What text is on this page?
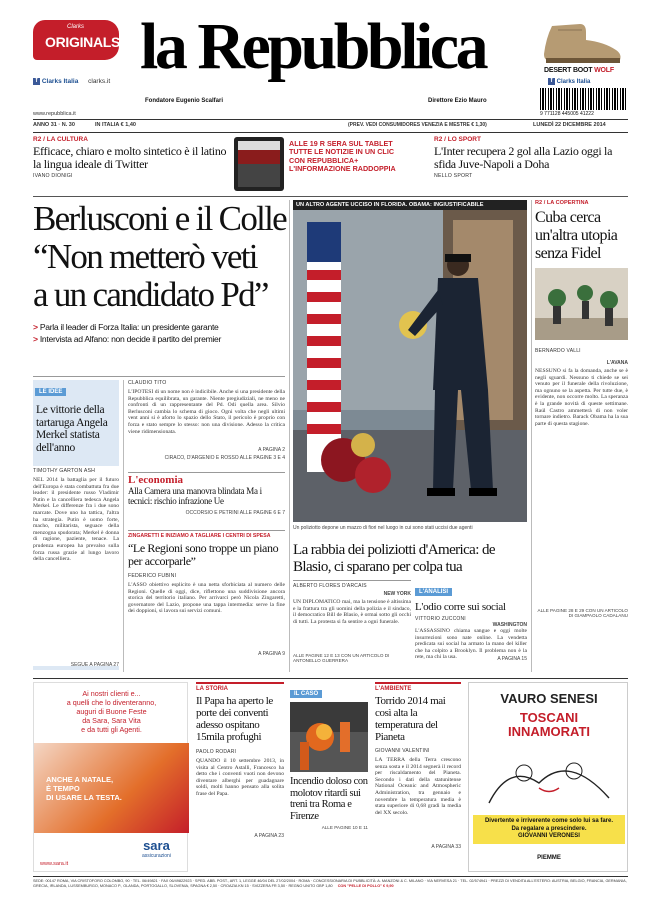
Clarks
ORIGINALS
f Clarks Italia clarks.it la Repubblica
Fondatore Eugenio Scalfari	Direttore Ezio Mauro
DESERT BOOT WOLF
f Clarks Italia
9 771128 445005 41222
ANNO 31 · N. 30	IN ITALIA € 1,40
www.repubblica.it
(PREV. VEDI CONSUMIDORES VENEZIA E MESTRE € 1,30)	LUNEDÌ 22 DICEMBRE 2014
R2 / LA CULTURA
Efficace, chiaro e molto sintetico è il latino la lingua ideale di Twitter
IVANO DIONIGI
ALLE 19 R SERA SUL TABLET
TUTTE LE NOTIZIE IN UN CLIC
CON REPUBBLICA+
L'INFORMAZIONE RADDOPPIA
R2 / LO SPORT
L'Inter recupera 2 gol alla Lazio oggi la sfida Juve-Napoli a Doha
NELLO SPORT
Berlusconi e il Colle
“Non metterò veti
a un candidato Pd”
> Parla il leader di Forza Italia: un presidente garante
> Intervista ad Alfano: non decide il partito del premier
LE IDEE
Le vittorie della tartaruga Angela Merkel statista dell'anno
TIMOTHY GARTON ASH
NEL 2014 la battaglia per il futuro dell'Europa è stata combattuta fra due leader: il presidente russo Vladimir Putin e la cancelliera tedesca Angela Merkel. Le differenze fra i due sono marcate. Dove uno ha tattica, l'altra ha strategia. Putin è uomo forte, macho, militarista, seguace della menzogna spudorata; Merkel è donna di ragione, paziente, tenace. La prudenza europea ha prevalso sulla forza russa grazie al lungo lavoro della cancelliera.
SEGUE A PAGINA 27
CLAUDIO TITO
L'IPOTESI di un nome non è indicibile. Anche si una presidente della Repubblica equilibrata, un garante. Niente pregiudiziali, ne meno ne confronti di un rappresentante del Pd. Odi quella area. Silvio Berlusconi cambia lo schema di gioco. Ogni volta che negli ultimi vent anni si è aforto lo spazio dello Stato, il pericolo è proprio con forza e stato sempre lo stesso: non una divisione. Adesso la critica viene ridimensionata.
A PAGINA 2
CIRACO, D'ARGENIO E ROSSO ALLE PAGINE 3 E 4
L'economia
Alla Camera una manovra blindata Ma i tecnici: rischio infrazione Ue
OCCORSIO E PETRINI ALLE PAGINE 6 E 7
ZINGARETTI E INIZIAMO A TAGLIARE I CENTRI DI SPESA
“Le Regioni sono troppe un piano per accorparle”
FEDERICO FUBINI
L'ASSO obiettivo esplicito è una netta sforbiciata al numero delle Regioni. Quelle di oggi, dice, riflettono una suddivisione ancora storica del territorio italiano. Per arrivarci però Nicola Zingaretti, governatore del Lazio, propone una tappa intermedia: serve la fine dei doppioni, si lavora sui servizi comuni.
A PAGINA 9
UN ALTRO AGENTE UCCISO IN FLORIDA. OBAMA: INGIUSTIFICABILE
Un poliziotto depone un mazzo di fiori nel luogo in cui sono stati uccisi due agenti
La rabbia dei poliziotti d'America: de Blasio, ci sparano per colpa tua
ALBERTO FLORES D'ARCAIS
NEW YORK
UN DIPLOMATICO mai, ma la tensione è altissima e la frattura tra gli uomini della polizia e il sindaco, il democratico Bill de Blasio, è ormai sotto gli occhi di tutti. La protesta si fa sentire a ogni funerale.
ALLE PAGINE 12 E 13 CON UN ARTICOLO DI ANTONELLO GUERRERA
L'ANALISI
L'odio corre sui social
VITTORIO ZUCCONI
WASHINGTON
L'ASSASSINO chiama sangue e oggi molte insurrezioni sono nate online. La vendetta predicata sui social ha armato la mano del killer che ha colpito a Brooklyn. Il problema non è la rete, ma chi la usa.	A PAGINA 15
R2 / LA COPERTINA
Cuba cerca un'altra utopia senza Fidel
BERNARDO VALLI
L'AVANA
NESSUNO si fa la domanda, anche se è negli sguardi. Nessuno ti chiede se sei venuto per il funerale della rivoluzione, ma ognuno se la aspetta. Per tutte due, è evidente, non occorre molto. La speranza è la grande novità di queste settimane. Raúl Castro ammetterà di non voler tornare indietro. Barack Obama ha la sua parte di questa stagione.
ALLE PAGINE 28 E 29 CON UN ARTICOLO DI GIAMPAOLO CADALANU
Ai nostri clienti e...
a quelli che lo diventeranno,
auguri di Buone Feste
da Sara, Sara Vita
e da tutti gli Agenti.
ANCHE A NATALE,
È TEMPO
DI USARE LA TESTA.
sara
assicurazioni
www.sara.it
LA STORIA
Il Papa ha aperto le porte dei conventi adesso ospitano 15mila profughi
PAOLO RODARI
QUANDO il 10 settembre 2013, in visita al Centro Astalli, Francesco ha detto che i conventi vuoti non devono diventare alberghi per guadagnare soldi, molti hanno pensato alla solita frase del Papa.
A PAGINA 23
IL CASO
Incendio doloso con molotov ritardi sui treni tra Roma e Firenze
ALLE PAGINE 10 E 11
L'AMBIENTE
Torrido 2014 mai così alta la temperatura del Pianeta
GIOVANNI VALENTINI
LA TERRA della Terra crescono senza sosta e il 2014 segnerà il record per riscaldamento del Pianeta. Secondo i dati della statunitense National Oceanic and Atmospheric Administration, tra gennaio e novembre la temperatura media è stata superiore di 0,68 gradi la media del XX secolo.
A PAGINA 33
VAURO SENESI
TOSCANI
INNAMORATI
Divertente e irriverente come solo lui sa fare.
Da regalare a prescindere.
GIOVANNI VERONESI
PIEMME
SEDE: 00147 ROMA, VIA CRISTOFORO COLOMBO, 90 · TEL. 06/49821 · FAX 06/49822923 · SPED. ABB. POST., ART. 1, LEGGE 46/04 DEL 27/02/2004 · ROMA · CONCESSIONARIA DI PUBBLICITÀ: A. MANZONI & C. MILANO · VIA NERVESA 21 · TEL. 02/574941 · PREZZI DI VENDITA ALL'ESTERO: AUSTRIA, BELGIO, FRANCIA, GERMANIA, GRECIA, IRLANDA, LUSSEMBURGO, MONACO P., OLANDA, PORTOGALLO, SLOVENIA, SPAGNA € 2,50 · CROAZIA KN 15 · SVIZZERA FR 3,50 · REGNO UNITO GBP 1,80 CON "PELLE DI POLLO" € 9,90
